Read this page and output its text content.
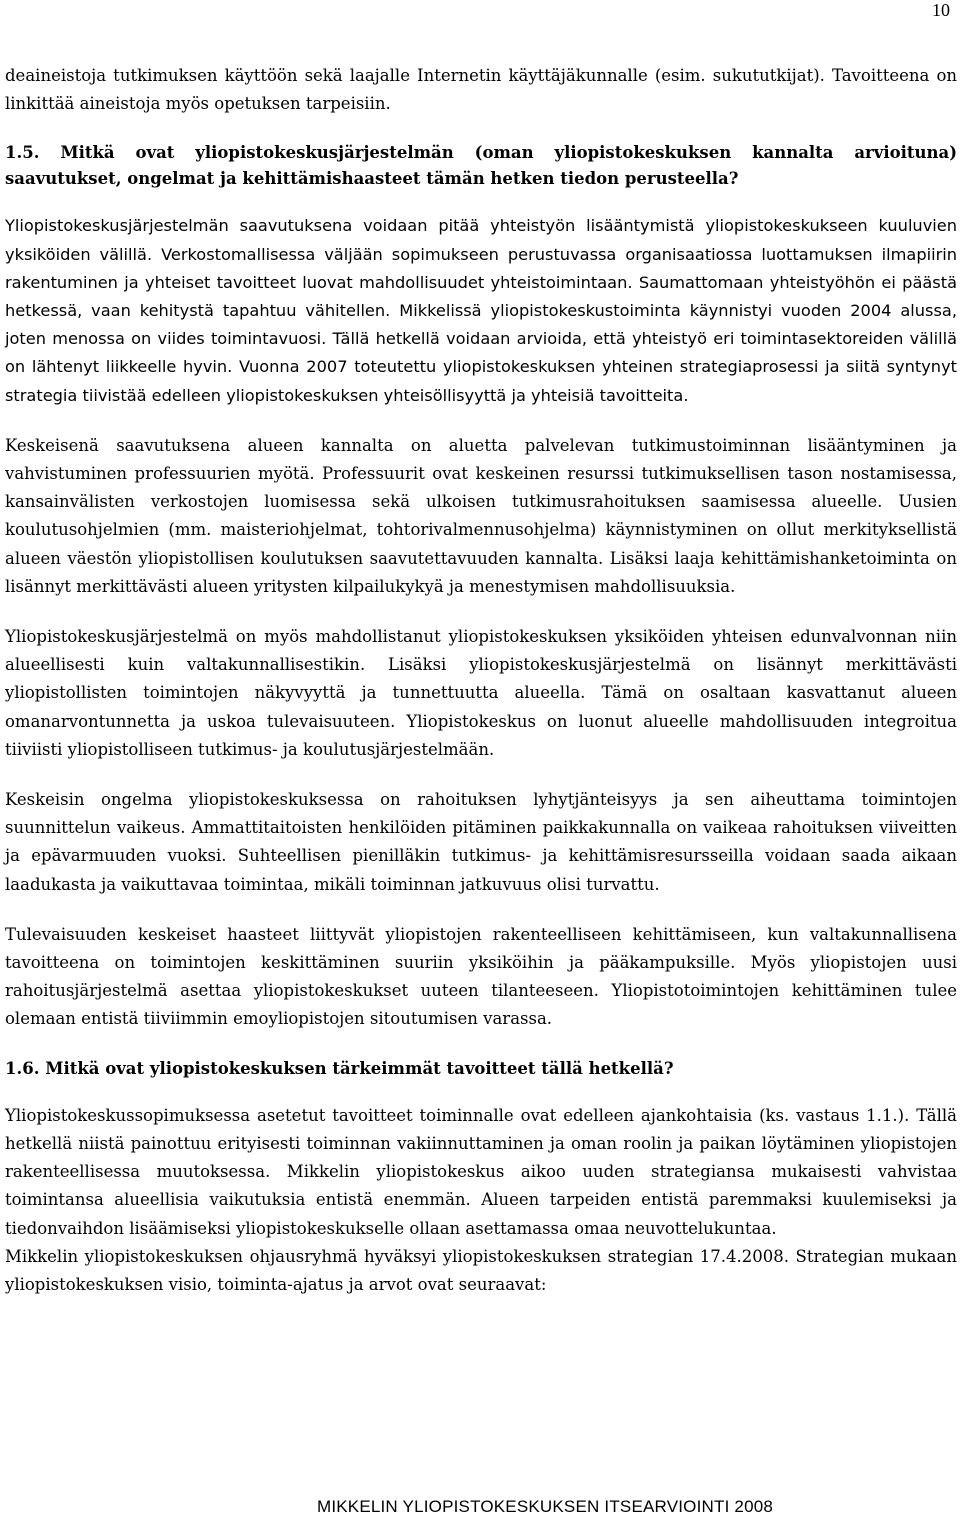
10

deaineistoja tutkimuksen käyttöön sekä laajalle Internetin käyttäjäkunnalle (esim. sukututkijat). Tavoitteena on linkittää aineistoja myös opetuksen tarpeisiin.

1.5. Mitkä ovat yliopistokeskusjärjestelmän (oman yliopistokeskuksen kannalta arvioituna) saavutukset, ongelmat ja kehittämishaasteet tämän hetken tiedon perusteella?

Yliopistokeskusjärjestelmän saavutuksena voidaan pitää yhteistyön lisääntymistä yliopistokeskukseen kuuluvien yksiköiden välillä. Verkostomallisessa väljään sopimukseen perustuvassa organisaatiossa luottamuksen ilmapiirin rakentuminen ja yhteiset tavoitteet luovat mahdollisuudet yhteistoimintaan. Saumattomaan yhteistyöhön ei päästä hetkessä, vaan kehitystä tapahtuu vähitellen. Mikkelissä yliopistokeskustoiminta käynnistyi vuoden 2004 alussa, joten menossa on viides toimintavuosi. Tällä hetkellä voidaan arvioida, että yhteistyö eri toimintasektoreiden välillä on lähtenyt liikkeelle hyvin. Vuonna 2007 toteutettu yliopistokeskuksen yhteinen strategiaprosessi ja siitä syntynyt strategia tiivistää edelleen yliopistokeskuksen yhteisöllisyyttä ja yhteisiä tavoitteita.

Keskeisenä saavutuksena alueen kannalta on aluetta palvelevan tutkimustoiminnan lisääntyminen ja vahvistuminen professuurien myötä. Professuurit ovat keskeinen resurssi tutkimuksellisen tason nostamisessa, kansainvälisten verkostojen luomisessa sekä ulkoisen tutkimusrahoituksen saamisessa alueelle. Uusien koulutusohjelmien (mm. maisteriohjelmat, tohtorivalmennusohjelma) käynnistyminen on ollut merkityksellistä alueen väestön yliopistollisen koulutuksen saavutettavuuden kannalta. Lisäksi laaja kehittämishanketoiminta on lisännyt merkittävästi alueen yritysten kilpailukykyä ja menestymisen mahdollisuuksia.

Yliopistokeskusjärjestelmä on myös mahdollistanut yliopistokeskuksen yksiköiden yhteisen edunvalvonnan niin alueellisesti kuin valtakunnallisestikin. Lisäksi yliopistokeskusjärjestelmä on lisännyt merkittävästi yliopistollisten toimintojen näkyvyyttä ja tunnettuutta alueella. Tämä on osaltaan kasvattanut alueen omanarvontunnetta ja uskoa tulevaisuuteen. Yliopistokeskus on luonut alueelle mahdollisuuden integroitua tiiviisti yliopistolliseen tutkimus- ja koulutusjärjestelmään.

Keskeisin ongelma yliopistokeskuksessa on rahoituksen lyhytjänteisyys ja sen aiheuttama toimintojen suunnittelun vaikeus. Ammattitaitoisten henkilöiden pitäminen paikkakunnalla on vaikeaa rahoituksen viiveitten ja epävarmuuden vuoksi. Suhteellisen pienilläkin tutkimus- ja kehittämisresursseilla voidaan saada aikaan laadukasta ja vaikuttavaa toimintaa, mikäli toiminnan jatkuvuus olisi turvattu.

Tulevaisuuden keskeiset haasteet liittyvät yliopistojen rakenteelliseen kehittämiseen, kun valtakunnallisena tavoitteena on toimintojen keskittäminen suuriin yksiköihin ja pääkampuksille. Myös yliopistojen uusi rahoitusjärjestelmä asettaa yliopistokeskukset uuteen tilanteeseen. Yliopistotoimintojen kehittäminen tulee olemaan entistä tiiviimmin emoyliopistojen sitoutumisen varassa.

1.6. Mitkä ovat yliopistokeskuksen tärkeimmät tavoitteet tällä hetkellä?

Yliopistokeskussopimuksessa asetetut tavoitteet toiminnalle ovat edelleen ajankohtaisia (ks. vastaus 1.1.). Tällä hetkellä niistä painottuu erityisesti toiminnan vakiinnuttaminen ja oman roolin ja paikan löytäminen yliopistojen rakenteellisessa muutoksessa. Mikkelin yliopistokeskus aikoo uuden strategiansa mukaisesti vahvistaa toimintansa alueellisia vaikutuksia entistä enemmän. Alueen tarpeiden entistä paremmaksi kuulemiseksi ja tiedonvaihdon lisäämiseksi yliopistokeskukselle ollaan asettamassa omaa neuvottelukuntaa.

Mikkelin yliopistokeskuksen ohjausryhmä hyväksyi yliopistokeskuksen strategian 17.4.2008. Strategian mukaan yliopistokeskuksen visio, toiminta-ajatus ja arvot ovat seuraavat:

MIKKELIN YLIOPISTOKESKUKSEN ITSEARVIOINTI 2008
